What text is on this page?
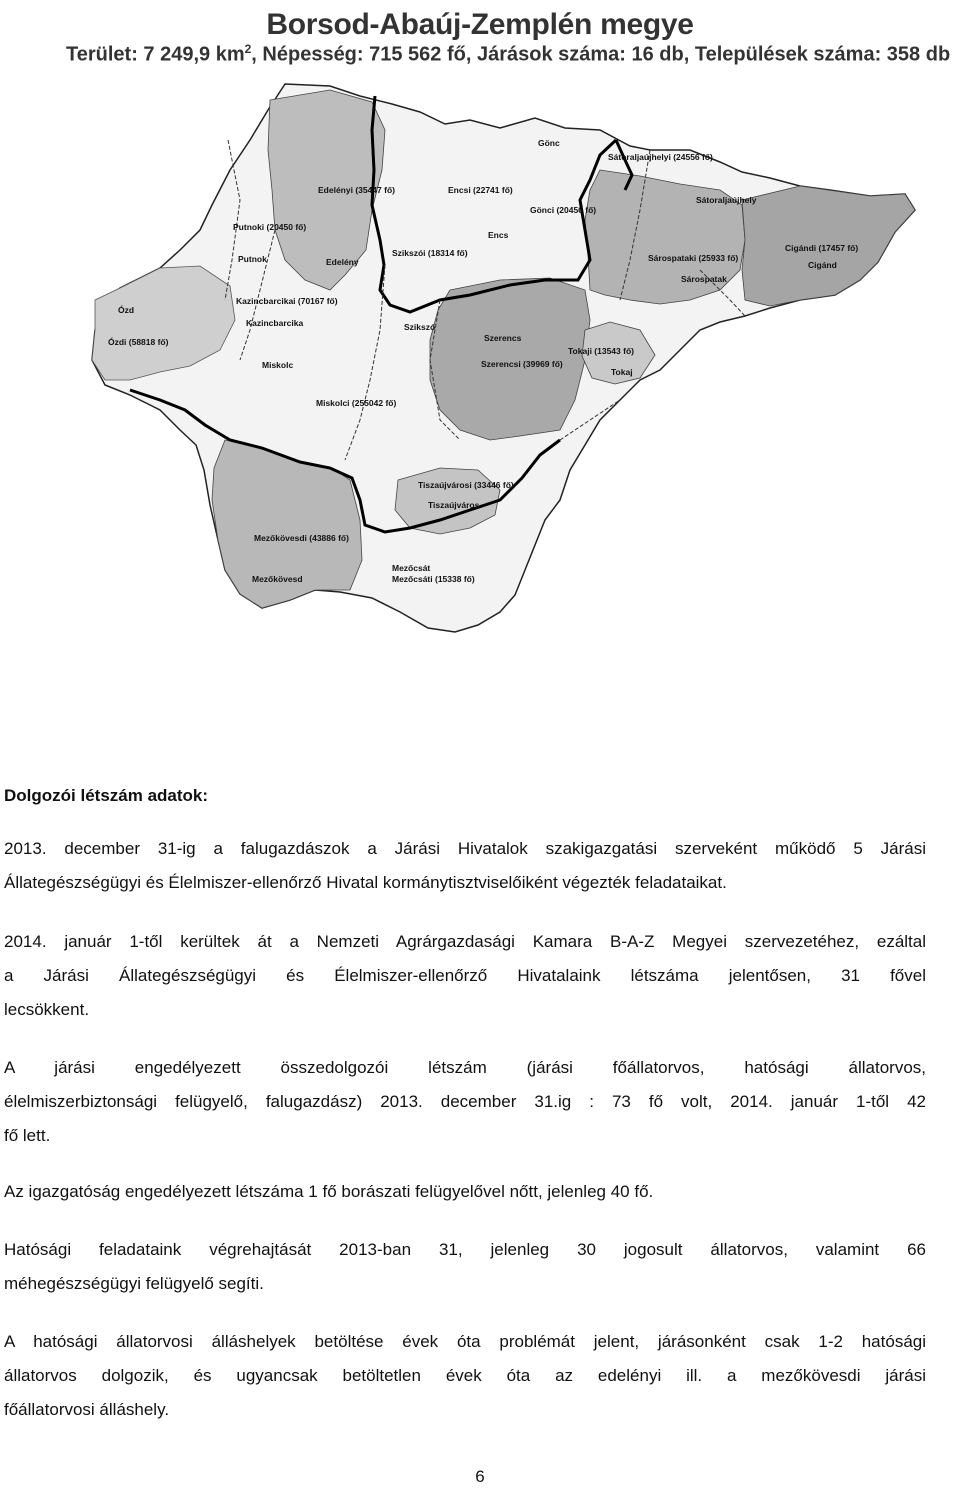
Borsod-Abaúj-Zemplén megye
Terület: 7 249,9 $km^2$, Népesség: 715 562 fő, Járások száma: 16 db, Települések száma: 358 db
Gönc
Sátoraljaújhelyi (24556 fő)
Sátoraljaújhely
Edelényi (35447 fő)	Encsi (22741 fő)
Gönci (20456 fő)
Putnoki (20450 fő)
Encs
Szikszói (18314 fő)	Cigándi (17457 fő)
Cigánd
Putnok	Edelény	Sárospataki (25933 fő)
Sárospatak
Kazincbarcikai (70167 fő)
Kazincbarcika
Ózd
Ózdi (58818 fő)
Szikszó
Szerencs
Tokaji (13543 fő)
Szerencsi (39969 fő)
Tokaj
Miskolc
Miskolci (255042 fő)
Tiszaújvárosi (33446 fő)
Tiszaújváros
Mezőkövesdi (43886 fő)
Mezőkövesd
Mezőcsát
Mezőcsáti (15338 fő)
Dolgozói létszám adatok:
2013. december 31-ig a falugazdászok a Járási Hivatalok szakigazgatási szerveként működő 5 Járási
Állategészségügyi és Élelmiszer-ellenőrző Hivatal kormánytisztviselőiként végezték feladataikat.
2014. január 1-től kerültek át a Nemzeti Agrárgazdasági Kamara B-A-Z Megyei szervezetéhez, ezáltal
a Járási Állategészségügyi és Élelmiszer-ellenőrző Hivatalaink létszáma jelentősen, 31 fővel
lecsökkent.
A járási engedélyezett összedolgozói létszám (járási főállatorvos, hatósági állatorvos,
élelmiszerbiztonsági felügyelő, falugazdász) 2013. december 31.ig : 73 fő volt, 2014. január 1-től 42
fő lett.
Az igazgatóság engedélyezett létszáma 1 fő borászati felügyelővel nőtt, jelenleg 40 fő.
Hatósági feladataink végrehajtását 2013-ban 31, jelenleg 30 jogosult állatorvos, valamint 66
méhegészségügyi felügyelő segíti.
A hatósági állatorvosi álláshelyek betöltése évek óta problémát jelent, járásonként csak 1-2 hatósági
állatorvos dolgozik, és ugyancsak betöltetlen évek óta az edelényi ill. a mezőkövesdi járási
főállatorvosi álláshely.
6
